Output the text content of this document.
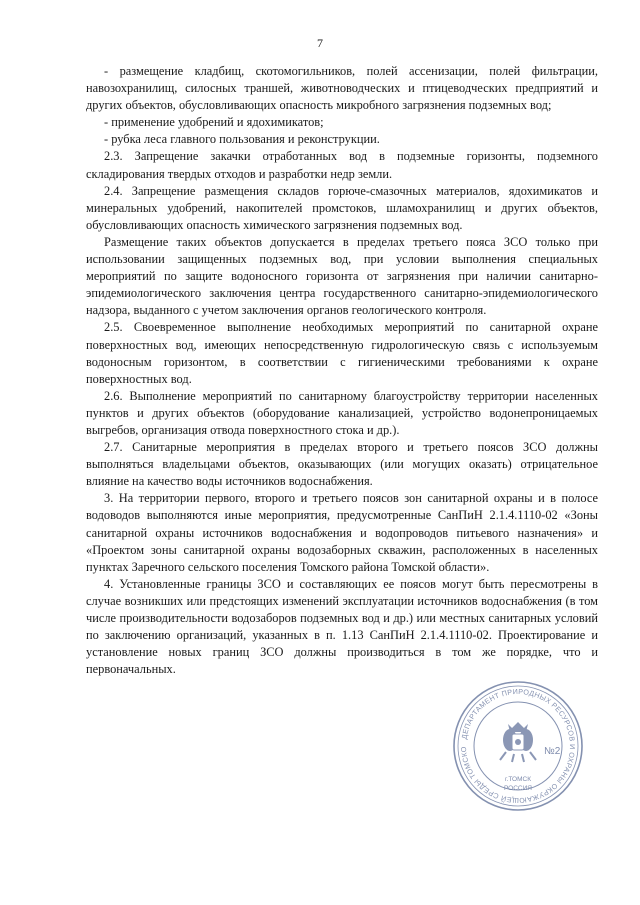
7

- размещение кладбищ, скотомогильников, полей ассенизации, полей фильтрации, навозохранилищ, силосных траншей, животноводческих и птицеводческих предприятий и других объектов, обусловливающих опасность микробного загрязнения подземных вод;

- применение удобрений и ядохимикатов;

- рубка леса главного пользования и реконструкции.

2.3. Запрещение закачки отработанных вод в подземные горизонты, подземного складирования твердых отходов и разработки недр земли.

2.4. Запрещение размещения складов горюче-смазочных материалов, ядохимикатов и минеральных удобрений, накопителей промстоков, шламохранилищ и других объектов, обусловливающих опасность химического загрязнения подземных вод.

Размещение таких объектов допускается в пределах третьего пояса ЗСО только при использовании защищенных подземных вод, при условии выполнения специальных мероприятий по защите водоносного горизонта от загрязнения при наличии санитарно-эпидемиологического заключения центра государственного санитарно-эпидемиологического надзора, выданного с учетом заключения органов геологического контроля.

2.5. Своевременное выполнение необходимых мероприятий по санитарной охране поверхностных вод, имеющих непосредственную гидрологическую связь с используемым водоносным горизонтом, в соответствии с гигиеническими требованиями к охране поверхностных вод.

2.6. Выполнение мероприятий по санитарному благоустройству территории населенных пунктов и других объектов (оборудование канализацией, устройство водонепроницаемых выгребов, организация отвода поверхностного стока и др.).

2.7. Санитарные мероприятия в пределах второго и третьего поясов ЗСО должны выполняться владельцами объектов, оказывающих (или могущих оказать) отрицательное влияние на качество воды источников водоснабжения.

3. На территории первого, второго и третьего поясов зон санитарной охраны и в полосе водоводов выполняются иные мероприятия, предусмотренные СанПиН 2.1.4.1110-02 «Зоны санитарной охраны источников водоснабжения и водопроводов питьевого назначения» и «Проектом зоны санитарной охраны водозаборных скважин, расположенных в населенных пунктах Заречного сельского поселения Томского района Томской области».

4. Установленные границы ЗСО и составляющих ее поясов могут быть пересмотрены в случае возникших или предстоящих изменений эксплуатации источников водоснабжения (в том числе производительности водозаборов подземных вод и др.) или местных санитарных условий по заключению организаций, указанных в п. 1.13 СанПиН 2.1.4.1110-02. Проектирование и установление новых границ ЗСО должны производиться в том же порядке, что и первоначальных.

ДЕПАРТАМЕНТ ПРИРОДНЫХ РЕСУРСОВ И ОХРАНЫ ОКРУЖАЮЩЕЙ СРЕДЫ ТОМСКО	№2
г.ТОМСК
РОССИЯ
